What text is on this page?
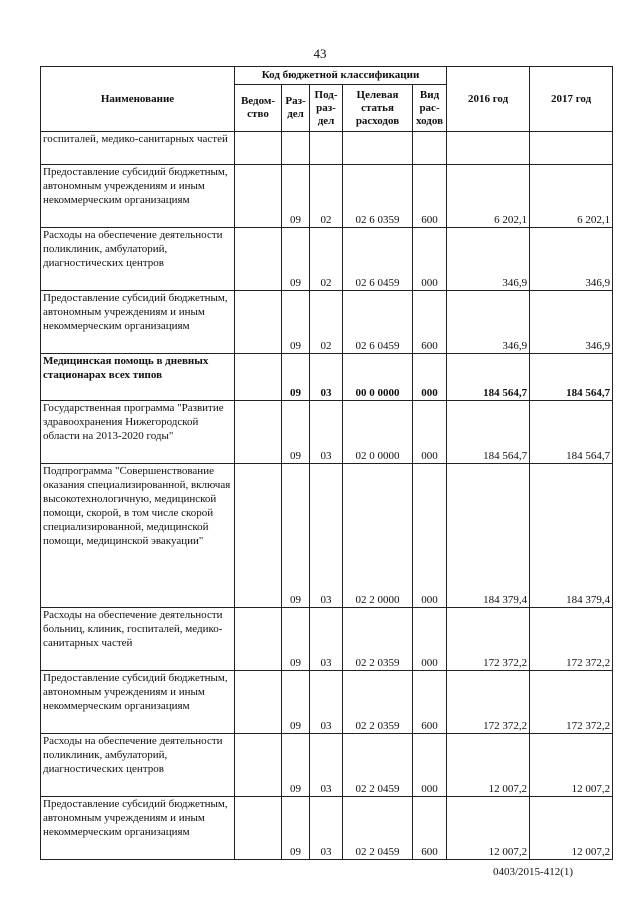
43
Наименование	Код бюджетной классификации					2016 год	2017 год
	Ведом-ство	Раз-дел	Под-раз-дел	Целевая статья расходов	Вид рас-ходов		
госпиталей, медико-санитарных частей							
Предоставление субсидий бюджетным, автономным учреждениям и иным некоммерческим организациям		09	02	02 6 0359	600	6 202,1	6 202,1
Расходы на обеспечение деятельности поликлиник, амбулаторий, диагностических центров		09	02	02 6 0459	000	346,9	346,9
Предоставление субсидий бюджетным, автономным учреждениям и иным некоммерческим организациям		09	02	02 6 0459	600	346,9	346,9
Медицинская помощь в дневных стационарах всех типов		09	03	00 0 0000	000	184 564,7	184 564,7
Государственная программа "Развитие здравоохранения Нижегородской области на 2013-2020 годы"		09	03	02 0 0000	000	184 564,7	184 564,7
Подпрограмма "Совершенствование оказания специализированной, включая высокотехнологичную, медицинской помощи, скорой, в том числе скорой специализированной, медицинской помощи, медицинской эвакуации"		09	03	02 2 0000	000	184 379,4	184 379,4
Расходы на обеспечение деятельности больниц, клиник, госпиталей, медико-санитарных частей		09	03	02 2 0359	000	172 372,2	172 372,2
Предоставление субсидий бюджетным, автономным учреждениям и иным некоммерческим организациям		09	03	02 2 0359	600	172 372,2	172 372,2
Расходы на обеспечение деятельности поликлиник, амбулаторий, диагностических центров		09	03	02 2 0459	000	12 007,2	12 007,2
Предоставление субсидий бюджетным, автономным учреждениям и иным некоммерческим организациям		09	03	02 2 0459	600	12 007,2	12 007,2
0403/2015-412(1)
